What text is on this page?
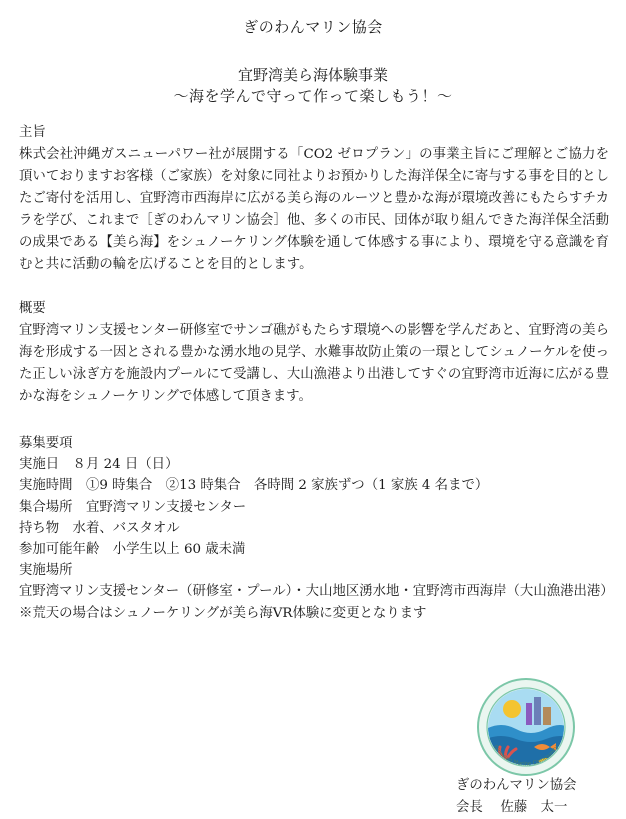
ぎのわんマリン協会
宜野湾美ら海体験事業
～海を学んで守って作って楽しもう！～
主旨

株式会社沖縄ガスニューパワー社が展開する「CO2 ゼロプラン」の事業主旨にご理解とご協力を頂いておりますお客様（ご家族）を対象に同社よりお預かりした海洋保全に寄与する事を目的としたご寄付を活用し、宜野湾市西海岸に広がる美ら海のルーツと豊かな海が環境改善にもたらすチカラを学び、これまで［ぎのわんマリン協会］他、多くの市民、団体が取り組んできた海洋保全活動の成果である【美ら海】をシュノーケリング体験を通して体感する事により、環境を守る意識を育むと共に活動の輪を広げることを目的とします。

概要

宜野湾マリン支援センター研修室でサンゴ礁がもたらす環境への影響を学んだあと、宜野湾の美ら海を形成する一因とされる豊かな湧水地の見学、水難事故防止策の一環としてシュノーケルを使った正しい泳ぎ方を施設内プールにて受講し、大山漁港より出港してすぐの宜野湾市近海に広がる豊かな海をシュノーケリングで体感して頂きます。

募集要項
実施日　８月 24 日（日）
実施時間　①9 時集合　②13 時集合　各時間 2 家族ずつ（1 家族 4 名まで）
集合場所　宜野湾マリン支援センター
持ち物　水着、バスタオル
参加可能年齢　小学生以上 60 歳未満
実施場所
宜野湾マリン支援センター（研修室・プール）・大山地区湧水地・宜野湾市西海岸（大山漁港出港）
※荒天の場合はシュノーケリングが美ら海VR体験に変更となります
Ginowan Marine Community
ぎのわんマリン協会
会長　 佐藤　太一
